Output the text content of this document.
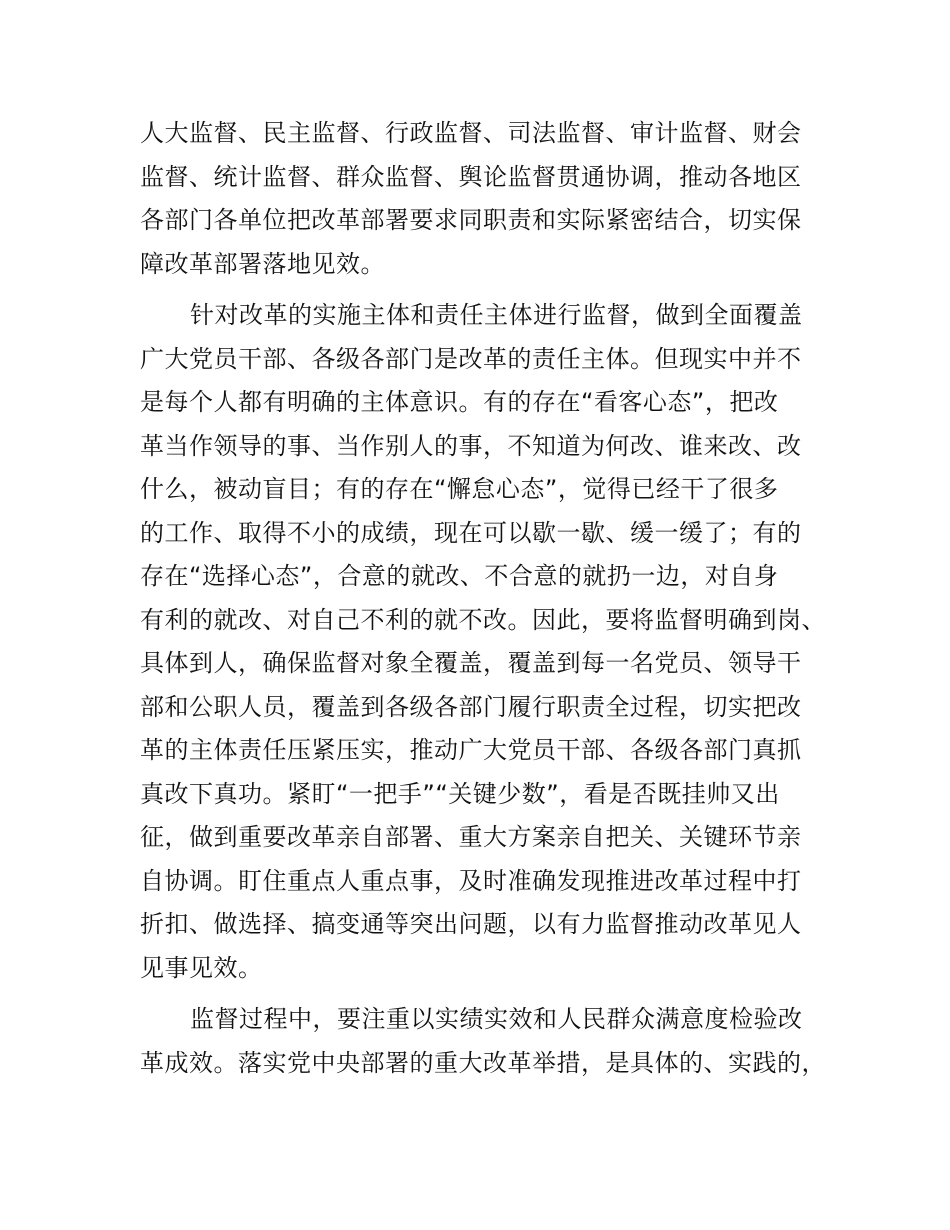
人大监督、民主监督、行政监督、司法监督、审计监督、财会
监督、统计监督、群众监督、舆论监督贯通协调，推动各地区
各部门各单位把改革部署要求同职责和实际紧密结合，切实保
障改革部署落地见效。

针对改革的实施主体和责任主体进行监督，做到全面覆盖
广大党员干部、各级各部门是改革的责任主体。但现实中并不
是每个人都有明确的主体意识。有的存在“看客心态”，把改
革当作领导的事、当作别人的事，不知道为何改、谁来改、改
什么，被动盲目；有的存在“懈怠心态”，觉得已经干了很多
的工作、取得不小的成绩，现在可以歇一歇、缓一缓了；有的
存在“选择心态”，合意的就改、不合意的就扔一边，对自身
有利的就改、对自己不利的就不改。因此，要将监督明确到岗、
具体到人，确保监督对象全覆盖，覆盖到每一名党员、领导干
部和公职人员，覆盖到各级各部门履行职责全过程，切实把改
革的主体责任压紧压实，推动广大党员干部、各级各部门真抓
真改下真功。紧盯“一把手”“关键少数”，看是否既挂帅又出
征，做到重要改革亲自部署、重大方案亲自把关、关键环节亲
自协调。盯住重点人重点事，及时准确发现推进改革过程中打
折扣、做选择、搞变通等突出问题，以有力监督推动改革见人
见事见效。

监督过程中，要注重以实绩实效和人民群众满意度检验改
革成效。落实党中央部署的重大改革举措，是具体的、实践的，
